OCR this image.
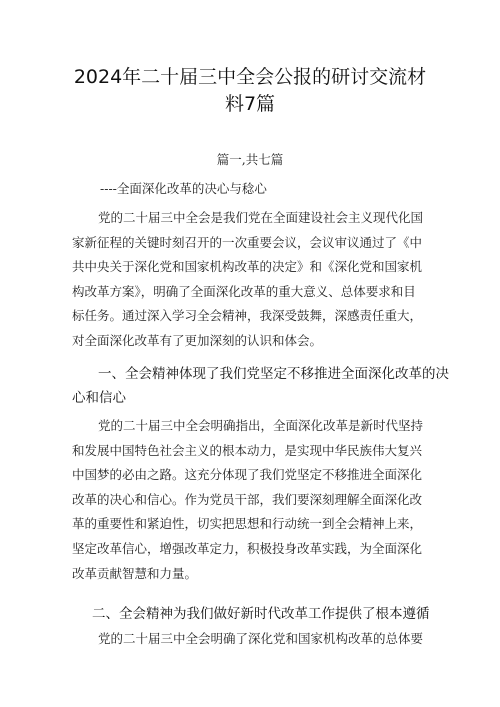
2024年二十届三中全会公报的研讨交流材
料7篇
篇一,共七篇
----全面深化改革的决心与稔心
党的二十届三中全会是我们党在全面建设社会主义现代化国
家新征程的关键时刻召开的一次重要会议，会议审议通过了《中
共中央关于深化党和国家机构改革的决定》和《深化党和国家机
构改革方案》，明确了全面深化改革的重大意义、总体要求和目
标任务。通过深入学习全会精神，我深受鼓舞，深感责任重大，
对全面深化改革有了更加深刻的认识和体会。
一、全会精神体现了我们党坚定不移推进全面深化改革的决
心和信心
党的二十届三中全会明确指出，全面深化改革是新时代坚持
和发展中国特色社会主义的根本动力，是实现中华民族伟大复兴
中国梦的必由之路。这充分体现了我们党坚定不移推进全面深化
改革的决心和信心。作为党员干部，我们要深刻理解全面深化改
革的重要性和紧迫性，切实把思想和行动统一到全会精神上来，
坚定改革信心，增强改革定力，积极投身改革实践，为全面深化
改革贡献智慧和力量。
二、全会精神为我们做好新时代改革工作提供了根本遵循
党的二十届三中全会明确了深化党和国家机构改革的总体要
